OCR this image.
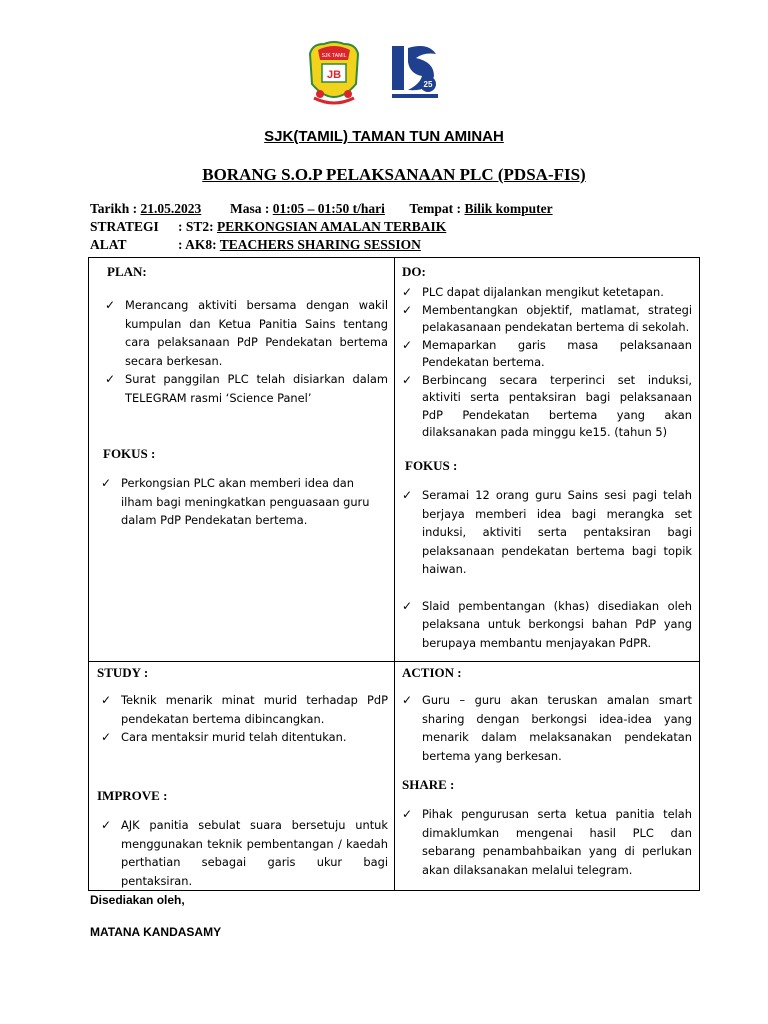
JB
SJK TAMIL
25
SJK(TAMIL) TAMAN TUN AMINAH
BORANG S.O.P PELAKSANAAN PLC (PDSA-FIS)
Tarikh : 21.05.2023 Masa : 01:05 – 01:50 t/hari Tempat : Bilik komputer
STRATEGI : ST2: PERKONGSIAN AMALAN TERBAIK
ALAT	: AK8: TEACHERS SHARING SESSION
PLAN:
✓ Merancang aktiviti bersama dengan wakil kumpulan dan Ketua Panitia Sains tentang cara pelaksanaan PdP Pendekatan bertema secara berkesan.
✓ Surat panggilan PLC telah disiarkan dalam TELEGRAM rasmi ‘Science Panel’
FOKUS :
✓ Perkongsian PLC akan memberi idea dan ilham bagi meningkatkan penguasaan guru dalam PdP Pendekatan bertema.
DO:
✓ PLC dapat dijalankan mengikut ketetapan.
✓ Membentangkan objektif, matlamat, strategi pelakasanaan pendekatan bertema di sekolah.
✓ Memaparkan garis masa pelaksanaan Pendekatan bertema.
✓ Berbincang secara terperinci set induksi, aktiviti serta pentaksiran bagi pelaksanaan PdP Pendekatan bertema yang akan dilaksanakan pada minggu ke15. (tahun 5)
FOKUS :
✓ Seramai 12 orang guru Sains sesi pagi telah berjaya memberi idea bagi merangka set induksi, aktiviti serta pentaksiran bagi pelaksanaan pendekatan bertema bagi topik haiwan.
✓ Slaid pembentangan (khas) disediakan oleh pelaksana untuk berkongsi bahan PdP yang berupaya membantu menjayakan PdPR.
STUDY :
✓ Teknik menarik minat murid terhadap PdP pendekatan bertema dibincangkan.
✓ Cara mentaksir murid telah ditentukan.
IMPROVE :
✓ AJK panitia sebulat suara bersetuju untuk menggunakan teknik pembentangan / kaedah perthatian sebagai garis ukur bagi pentaksiran.
ACTION :
✓ Guru – guru akan teruskan amalan smart sharing dengan berkongsi idea-idea yang menarik dalam melaksanakan pendekatan bertema yang berkesan.
SHARE :
✓ Pihak pengurusan serta ketua panitia telah dimaklumkan mengenai hasil PLC dan sebarang penambahbaikan yang di perlukan akan dilaksanakan melalui telegram.
Disediakan oleh,
MATANA KANDASAMY
